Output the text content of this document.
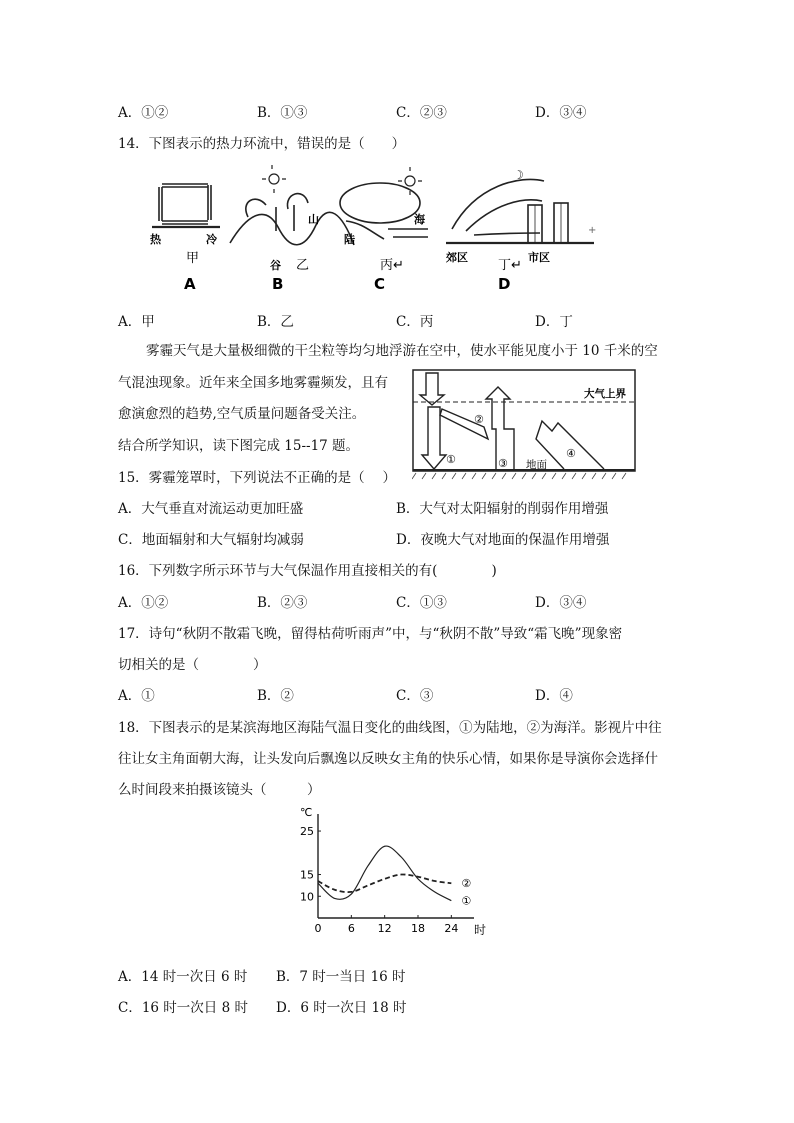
A．①②	B．①③	C．②③	D．③④
14．下图表示的热力环流中，错误的是（　　）
☽
+
热	冷
甲
A
山
谷 乙
B
陆
海
丙↵
C
郊区
丁↵
市区
D
A．甲	B．乙	C．丙	D．丁
雾霾天气是大量极细微的干尘粒等均匀地浮游在空中，使水平能见度小于 10 千米的空
气混浊现象。近年来全国多地雾霾频发，且有
愈演愈烈的趋势,空气质量问题备受关注。
结合所学知识，读下图完成 15--17 题。
大气上界
地面
①
②
③
④
15．雾霾笼罩时，下列说法不正确的是（　 ）
A．大气垂直对流运动更加旺盛	B．大气对太阳辐射的削弱作用增强
C．地面辐射和大气辐射均减弱	D．夜晚大气对地面的保温作用增强
16．下列数字所示环节与大气保温作用直接相关的有(　　　　)
A．①②	B．②③	C．①③	D．③④
17．诗句“秋阴不散霜飞晚，留得枯荷听雨声”中，与“秋阴不散”导致“霜飞晚”现象密
切相关的是（　　　　）
A．①	B．②	C．③	D．④
18．下图表示的是某滨海地区海陆气温日变化的曲线图，①为陆地，②为海洋。影视片中往
往让女主角面朝大海，让头发向后飘逸以反映女主角的快乐心情，如果你是导演你会选择什
么时间段来拍摄该镜头（　　　）
0 6 12 18 24
10
15
25
①
②
℃
时
A．14 时一次日 6 时 B．7 时一当日 16 时
C．16 时一次日 8 时 D．6 时一次日 18 时
